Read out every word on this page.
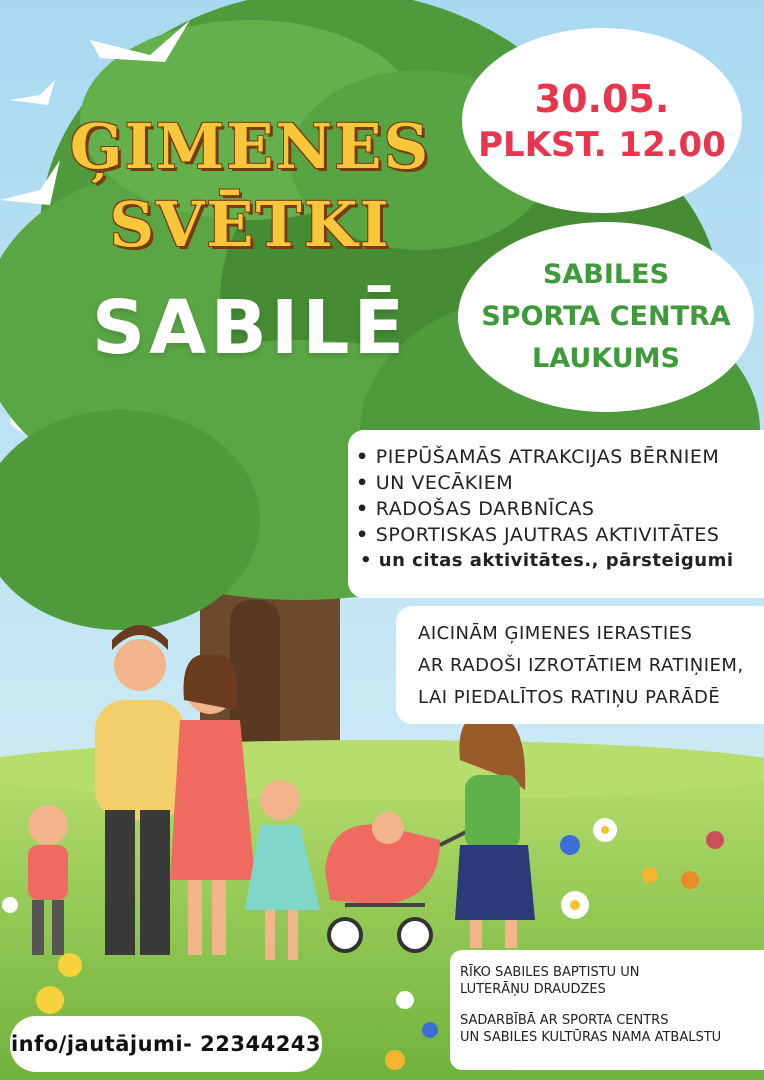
ĢIMENES
SVĒTKI
SABILĒ
30.05.
PLKST. 12.00
SABILES
SPORTA CENTRA
LAUKUMS
• PIEPŪŠAMĀS ATRAKCIJAS BĒRNIEM
• UN VECĀKIEM
• RADOŠAS DARBNĪCAS
• SPORTISKAS JAUTRAS AKTIVITĀTES
• un citas aktivitātes., pārsteigumi
AICINĀM ĢIMENES IERASTIES
AR RADOŠI IZROTĀTIEM RATIŅIEM,
LAI PIEDALĪTOS RATIŅU PARĀDĒ
RĪKO SABILES BAPTISTU UN
LUTERĀŅU DRAUDZES
SADARBĪBĀ AR SPORTA CENTRS
UN SABILES KULTŪRAS NAMA ATBALSTU
info/jautājumi- 22344243
